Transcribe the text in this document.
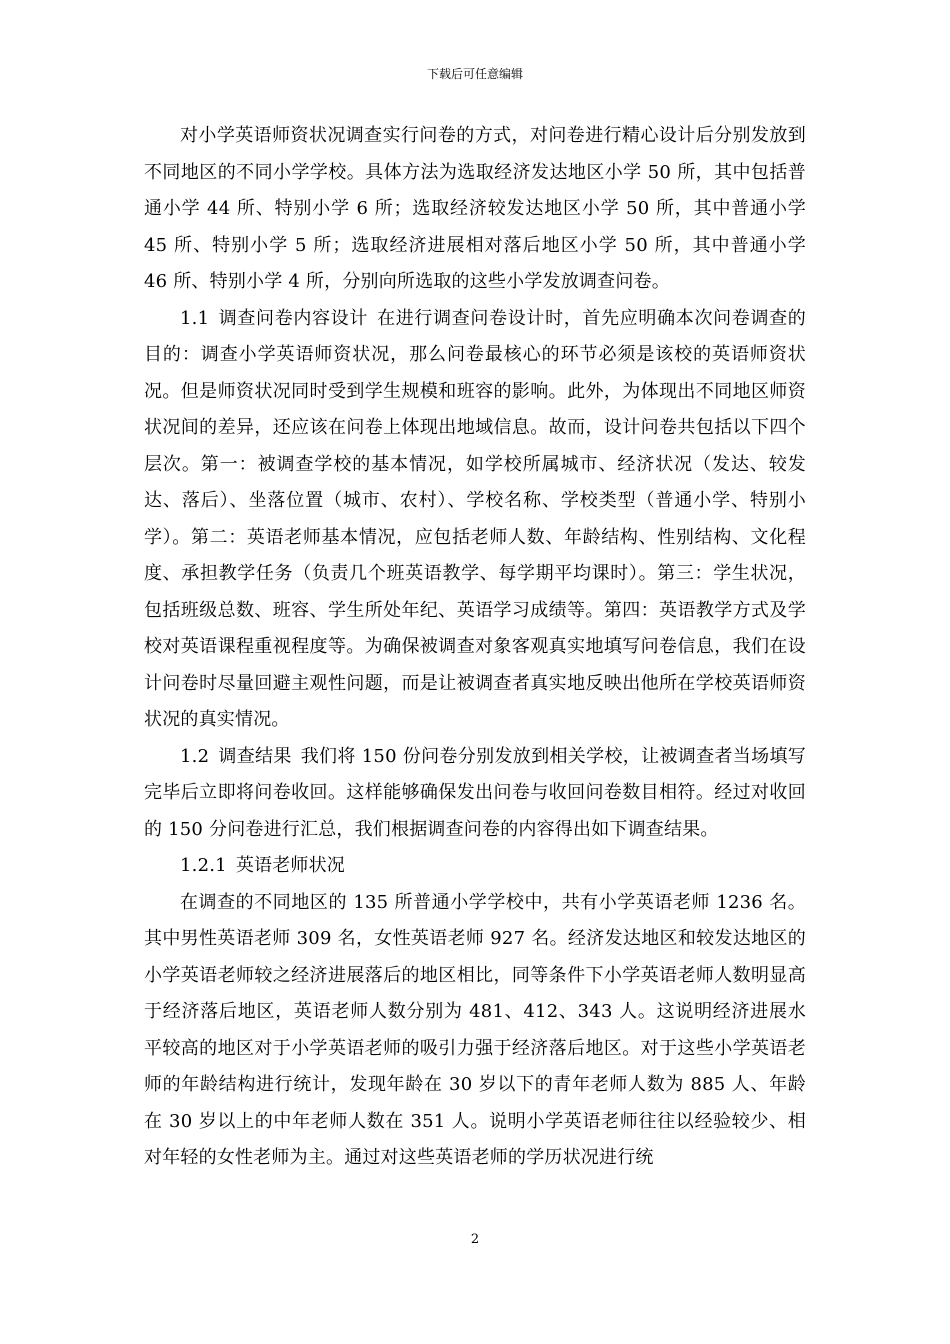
下载后可任意编辑

对小学英语师资状况调查实行问卷的方式，对问卷进行精心设计后分别发放到不同地区的不同小学学校。具体方法为选取经济发达地区小学 50 所，其中包括普通小学 44 所、特别小学 6 所；选取经济较发达地区小学 50 所，其中普通小学 45 所、特别小学 5 所；选取经济进展相对落后地区小学 50 所，其中普通小学 46 所、特别小学 4 所，分别向所选取的这些小学发放调查问卷。

1.1 调查问卷内容设计 在进行调查问卷设计时，首先应明确本次问卷调查的目的：调查小学英语师资状况，那么问卷最核心的环节必须是该校的英语师资状况。但是师资状况同时受到学生规模和班容的影响。此外，为体现出不同地区师资状况间的差异，还应该在问卷上体现出地域信息。故而，设计问卷共包括以下四个层次。第一：被调查学校的基本情况，如学校所属城市、经济状况（发达、较发达、落后）、坐落位置（城市、农村）、学校名称、学校类型（普通小学、特别小学）。第二：英语老师基本情况，应包括老师人数、年龄结构、性别结构、文化程度、承担教学任务（负责几个班英语教学、每学期平均课时）。第三：学生状况，包括班级总数、班容、学生所处年纪、英语学习成绩等。第四：英语教学方式及学校对英语课程重视程度等。为确保被调查对象客观真实地填写问卷信息，我们在设计问卷时尽量回避主观性问题，而是让被调查者真实地反映出他所在学校英语师资状况的真实情况。

1.2 调查结果 我们将 150 份问卷分别发放到相关学校，让被调查者当场填写完毕后立即将问卷收回。这样能够确保发出问卷与收回问卷数目相符。经过对收回的 150 分问卷进行汇总，我们根据调查问卷的内容得出如下调查结果。

1.2.1 英语老师状况

在调查的不同地区的 135 所普通小学学校中，共有小学英语老师 1236 名。其中男性英语老师 309 名，女性英语老师 927 名。经济发达地区和较发达地区的小学英语老师较之经济进展落后的地区相比，同等条件下小学英语老师人数明显高于经济落后地区，英语老师人数分别为 481、412、343 人。这说明经济进展水平较高的地区对于小学英语老师的吸引力强于经济落后地区。对于这些小学英语老师的年龄结构进行统计，发现年龄在 30 岁以下的青年老师人数为 885 人、年龄在 30 岁以上的中年老师人数在 351 人。说明小学英语老师往往以经验较少、相对年轻的女性老师为主。通过对这些英语老师的学历状况进行统

2
